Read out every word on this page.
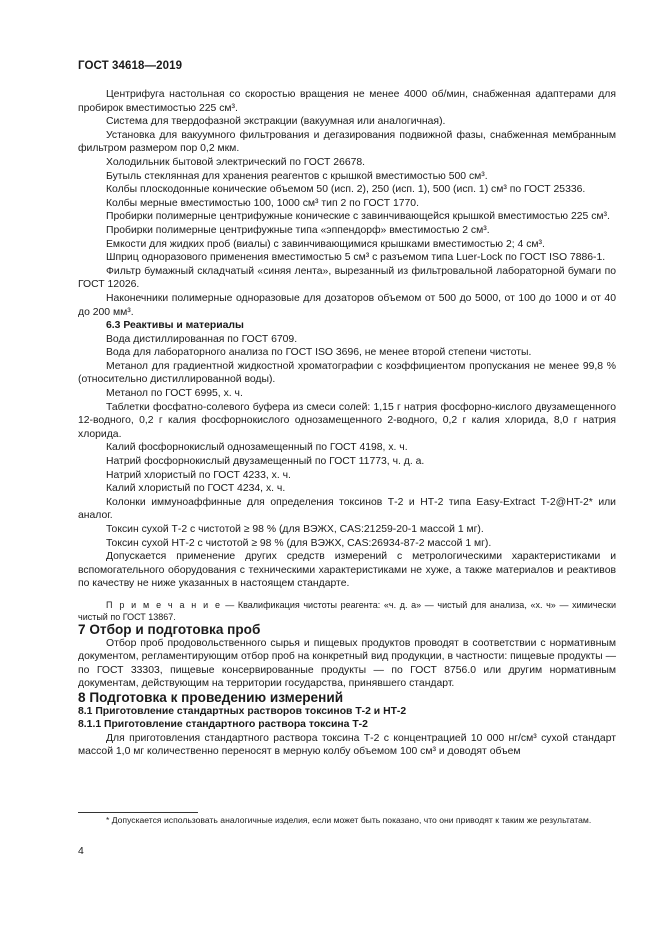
ГОСТ 34618—2019

Центрифуга настольная со скоростью вращения не менее 4000 об/мин, снабженная адаптерами для пробирок вместимостью 225 см³.

Система для твердофазной экстракции (вакуумная или аналогичная).

Установка для вакуумного фильтрования и дегазирования подвижной фазы, снабженная мембранным фильтром размером пор 0,2 мкм.

Холодильник бытовой электрический по ГОСТ 26678.

Бутыль стеклянная для хранения реагентов с крышкой вместимостью 500 см³.

Колбы плоскодонные конические объемом 50 (исп. 2), 250 (исп. 1), 500 (исп. 1) см³ по ГОСТ 25336.

Колбы мерные вместимостью 100, 1000 см³ тип 2 по ГОСТ 1770.

Пробирки полимерные центрифужные конические с завинчивающейся крышкой вместимостью 225 см³.

Пробирки полимерные центрифужные типа «эппендорф» вместимостью 2 см³.

Емкости для жидких проб (виалы) с завинчивающимися крышками вместимостью 2; 4 см³.

Шприц одноразового применения вместимостью 5 см³ с разъемом типа Luer-Lock по ГОСТ ISO 7886-1.

Фильтр бумажный складчатый «синяя лента», вырезанный из фильтровальной лабораторной бумаги по ГОСТ 12026.

Наконечники полимерные одноразовые для дозаторов объемом от 500 до 5000, от 100 до 1000 и от 40 до 200 мм³.

6.3 Реактивы и материалы

Вода дистиллированная по ГОСТ 6709.

Вода для лабораторного анализа по ГОСТ ISO 3696, не менее второй степени чистоты.

Метанол для градиентной жидкостной хроматографии с коэффициентом пропускания не менее 99,8 % (относительно дистиллированной воды).

Метанол по ГОСТ 6995, х. ч.

Таблетки фосфатно-солевого буфера из смеси солей: 1,15 г натрия фосфорно-кислого двузамещенного 12-водного, 0,2 г калия фосфорнокислого однозамещенного 2-водного, 0,2 г калия хлорида, 8,0 г натрия хлорида.

Калий фосфорнокислый однозамещенный по ГОСТ 4198, х. ч.

Натрий фосфорнокислый двузамещенный по ГОСТ 11773, ч. д. а.

Натрий хлористый по ГОСТ 4233, х. ч.

Калий хлористый по ГОСТ 4234, х. ч.

Колонки иммуноаффинные для определения токсинов Т-2 и НТ-2 типа Easy-Extract T-2@HT-2* или аналог.

Токсин сухой Т-2 с чистотой ≥ 98 % (для ВЭЖХ, CAS:21259-20-1 массой 1 мг).

Токсин сухой НТ-2 с чистотой ≥ 98 % (для ВЭЖХ, CAS:26934-87-2 массой 1 мг).

Допускается применение других средств измерений с метрологическими характеристиками и вспомогательного оборудования с техническими характеристиками не хуже, а также материалов и реактивов по качеству не ниже указанных в настоящем стандарте.

П р и м е ч а н и е — Квалификация чистоты реагента: «ч. д. а» — чистый для анализа, «х. ч» — химически чистый по ГОСТ 13867.

7 Отбор и подготовка проб

Отбор проб продовольственного сырья и пищевых продуктов проводят в соответствии с нормативным документом, регламентирующим отбор проб на конкретный вид продукции, в частности: пищевые продукты — по ГОСТ 33303, пищевые консервированные продукты — по ГОСТ 8756.0 или другим нормативным документам, действующим на территории государства, принявшего стандарт.

8 Подготовка к проведению измерений

8.1 Приготовление стандартных растворов токсинов Т-2 и НТ-2

8.1.1 Приготовление стандартного раствора токсина Т-2

Для приготовления стандартного раствора токсина Т-2 с концентрацией 10 000 нг/см³ сухой стандарт массой 1,0 мг количественно переносят в мерную колбу объемом 100 см³ и доводят объем

* Допускается использовать аналогичные изделия, если может быть показано, что они приводят к таким же результатам.
4
